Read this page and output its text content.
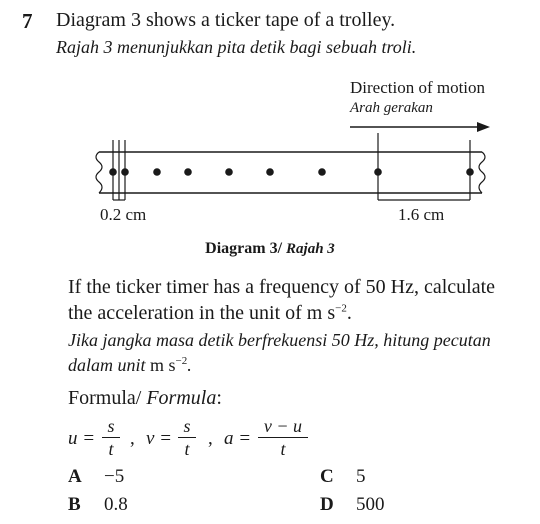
7 Diagram 3 shows a ticker tape of a trolley.
Rajah 3 menunjukkan pita detik bagi sebuah troli.
Direction of motion
Arah gerakan
0.2 cm	1.6 cm
Diagram 3/ Rajah 3
If the ticker timer has a frequency of 50 Hz, calculate
the acceleration in the unit of m $s^{-2}$.
Jika jangka masa detik berfrekuensi 50 Hz, hitung pecutan
dalam unit m $s^{-2}$.
Formula/ Formula:
$u = \frac{s}{t}$ , $v = \frac{s}{t}$ , $a = \frac{v - u}{t}$
A −5
B 0.8
C 5
D 500
